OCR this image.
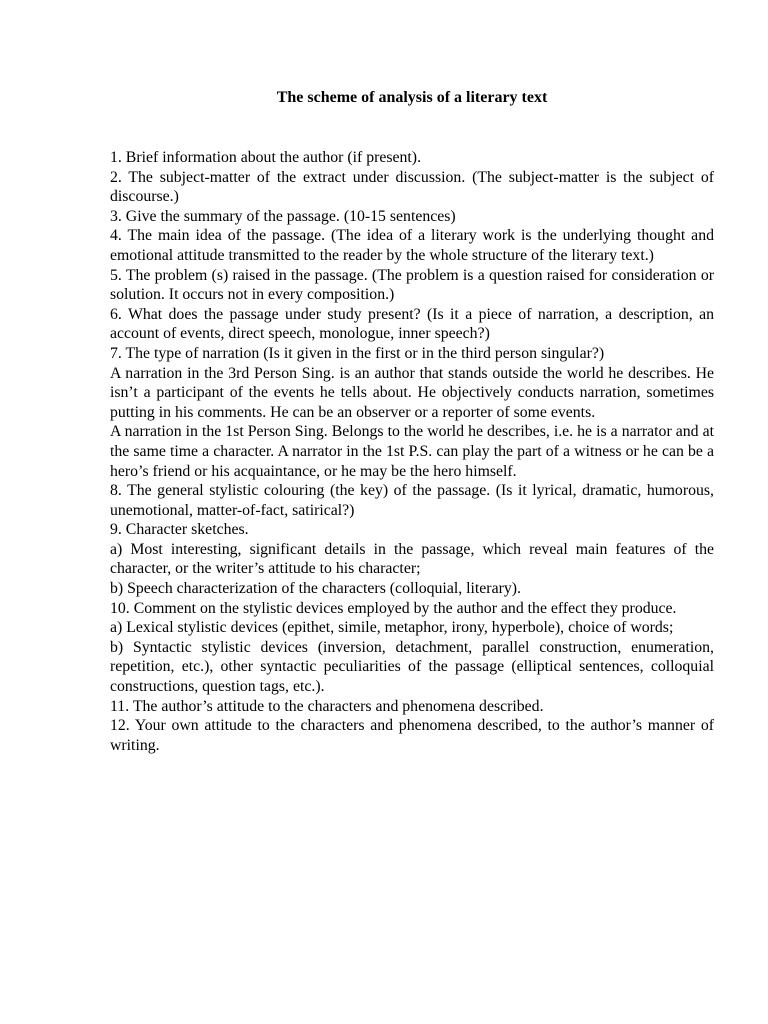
The scheme of analysis of a literary text

1. Brief information about the author (if present).

2. The subject-matter of the extract under discussion. (The subject-matter is the subject of discourse.)

3. Give the summary of the passage. (10-15 sentences)

4. The main idea of the passage. (The idea of a literary work is the underlying thought and emotional attitude transmitted to the reader by the whole structure of the literary text.)

5. The problem (s) raised in the passage. (The problem is a question raised for consideration or solution. It occurs not in every composition.)

6. What does the passage under study present? (Is it a piece of narration, a description, an account of events, direct speech, monologue, inner speech?)

7. The type of narration (Is it given in the first or in the third person singular?)

A narration in the 3rd Person Sing. is an author that stands outside the world he describes. He isn’t a participant of the events he tells about. He objectively conducts narration, sometimes putting in his comments. He can be an observer or a reporter of some events.

A narration in the 1st Person Sing. Belongs to the world he describes, i.e. he is a narrator and at the same time a character. A narrator in the 1st P.S. can play the part of a witness or he can be a hero’s friend or his acquaintance, or he may be the hero himself.

8. The general stylistic colouring (the key) of the passage. (Is it lyrical, dramatic, humorous, unemotional, matter-of-fact, satirical?)

9. Character sketches.

a) Most interesting, significant details in the passage, which reveal main features of the character, or the writer’s attitude to his character;

b) Speech characterization of the characters (colloquial, literary).

10. Comment on the stylistic devices employed by the author and the effect they produce.

a) Lexical stylistic devices (epithet, simile, metaphor, irony, hyperbole), choice of words;

b) Syntactic stylistic devices (inversion, detachment, parallel construction, enumeration, repetition, etc.), other syntactic peculiarities of the passage (elliptical sentences, colloquial constructions, question tags, etc.).

11. The author’s attitude to the characters and phenomena described.

12. Your own attitude to the characters and phenomena described, to the author’s manner of writing.
